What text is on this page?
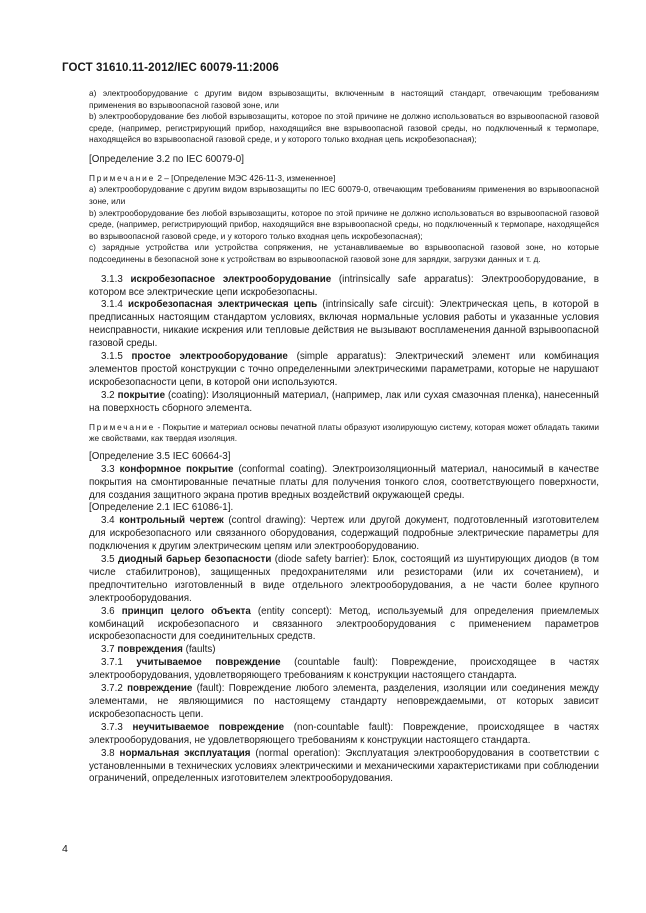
ГОСТ 31610.11-2012/IEC 60079-11:2006

а) электрооборудование с другим видом взрывозащиты, включенным в настоящий стандарт, отвечающим требованиям применения во взрывоопасной газовой зоне, или

b) электрооборудование без любой взрывозащиты, которое по этой причине не должно использоваться во взрывоопасной газовой среде, (например, регистрирующий прибор, находящийся вне взрывоопасной газовой среды, но подключенный к термопаре, находящейся во взрывоопасной газовой среде, и у которого только входная цепь искробезопасная);

[Определение 3.2 по IEC 60079-0]

Примечание 2 – [Определение МЭС 426-11-3, измененное]

а) электрооборудование с другим видом взрывозащиты по IEC 60079-0, отвечающим требованиям применения во взрывоопасной зоне, или

b) электрооборудование без любой взрывозащиты, которое по этой причине не должно использоваться во взрывоопасной газовой среде, (например, регистрирующий прибор, находящийся вне взрывоопасной среды, но подключенный к термопаре, находящейся во взрывоопасной газовой среде, и у которого только входная цепь искробезопасная);

с) зарядные устройства или устройства сопряжения, не устанавливаемые во взрывоопасной газовой зоне, но которые подсоединены в безопасной зоне к устройствам во взрывоопасной газовой зоне для зарядки, загрузки данных и т. д.

3.1.3 искробезопасное электрооборудование (intrinsically safe apparatus): Электрооборудование, в котором все электрические цепи искробезопасны.

3.1.4 искробезопасная электрическая цепь (intrinsically safe circuit): Электрическая цепь, в которой в предписанных настоящим стандартом условиях, включая нормальные условия работы и указанные условия неисправности, никакие искрения или тепловые действия не вызывают воспламенения данной взрывоопасной газовой среды.

3.1.5 простое электрооборудование (simple apparatus): Электрический элемент или комбинация элементов простой конструкции с точно определенными электрическими параметрами, которые не нарушают искробезопасности цепи, в которой они используются.

3.2 покрытие (coating): Изоляционный материал, (например, лак или сухая смазочная пленка), нанесенный на поверхность сборного элемента.

Примечание - Покрытие и материал основы печатной платы образуют изолирующую систему, которая может обладать такими же свойствами, как твердая изоляция.

[Определение 3.5 IEC 60664-3]

3.3 конформное покрытие (conformal coating). Электроизоляционный материал, наносимый в качестве покрытия на смонтированные печатные платы для получения тонкого слоя, соответствующего поверхности, для создания защитного экрана против вредных воздействий окружающей среды.

[Определение 2.1 IEC 61086-1].

3.4 контрольный чертеж (control drawing): Чертеж или другой документ, подготовленный изготовителем для искробезопасного или связанного оборудования, содержащий подробные электрические параметры для подключения к другим электрическим цепям или электрооборудованию.

3.5 диодный барьер безопасности (diode safety barrier): Блок, состоящий из шунтирующих диодов (в том числе стабилитронов), защищенных предохранителями или резисторами (или их сочетанием), и предпочтительно изготовленный в виде отдельного электрооборудования, а не части более крупного электрооборудования.

3.6 принцип целого объекта (entity concept): Метод, используемый для определения приемлемых комбинаций искробезопасного и связанного электрооборудования с применением параметров искробезопасности для соединительных средств.

3.7 повреждения (faults)

3.7.1 учитываемое повреждение (countable fault): Повреждение, происходящее в частях электрооборудования, удовлетворяющего требованиям к конструкции настоящего стандарта.

3.7.2 повреждение (fault): Повреждение любого элемента, разделения, изоляции или соединения между элементами, не являющимися по настоящему стандарту неповреждаемыми, от которых зависит искробезопасность цепи.

3.7.3 неучитываемое повреждение (non-countable fault): Повреждение, происходящее в частях электрооборудования, не удовлетворяющего требованиям к конструкции настоящего стандарта.

3.8 нормальная эксплуатация (normal operation): Эксплуатация электрооборудования в соответствии с установленными в технических условиях электрическими и механическими характеристиками при соблюдении ограничений, определенных изготовителем электрооборудования.

4
